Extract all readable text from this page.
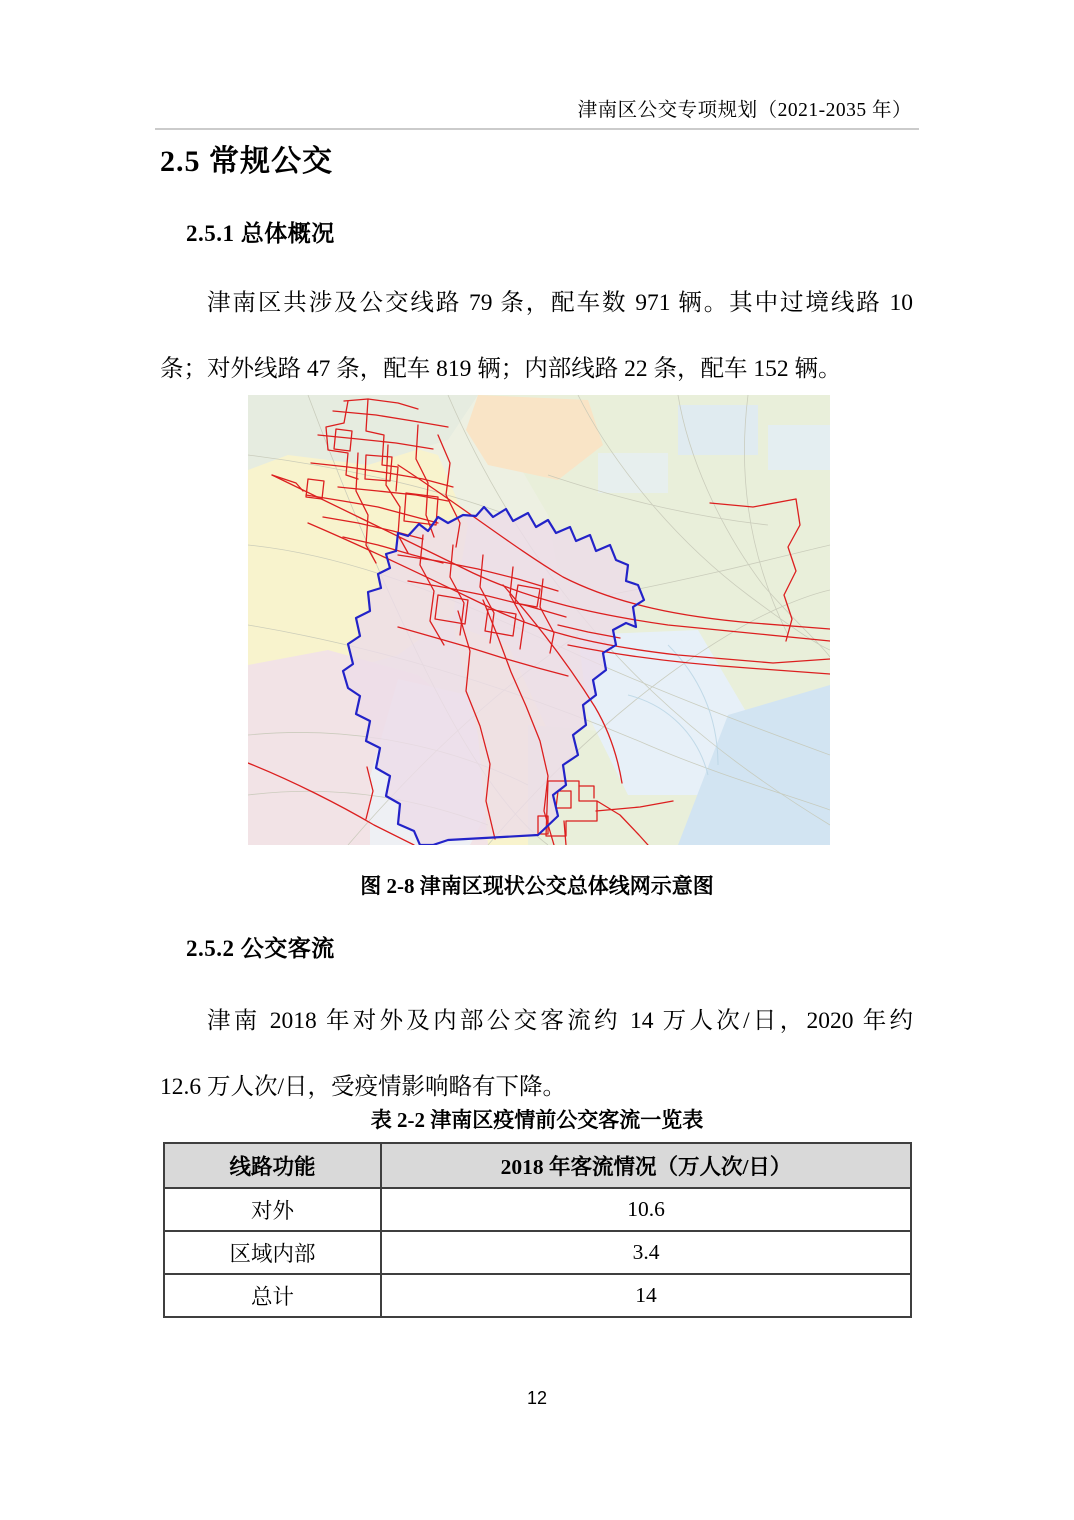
津南区公交专项规划（2021-2035 年）
2.5 常规公交
2.5.1 总体概况
津南区共涉及公交线路 79 条，配车数 971 辆。其中过境线路 10
条；对外线路 47 条，配车 819 辆；内部线路 22 条，配车 152 辆。
图 2-8 津南区现状公交总体线网示意图
2.5.2 公交客流
津南 2018 年对外及内部公交客流约 14 万人次/日，2020 年约
12.6 万人次/日，受疫情影响略有下降。
表 2-2 津南区疫情前公交客流一览表
线路功能	2018 年客流情况（万人次/日）
对外	10.6
区域内部	3.4
总计	14
12
